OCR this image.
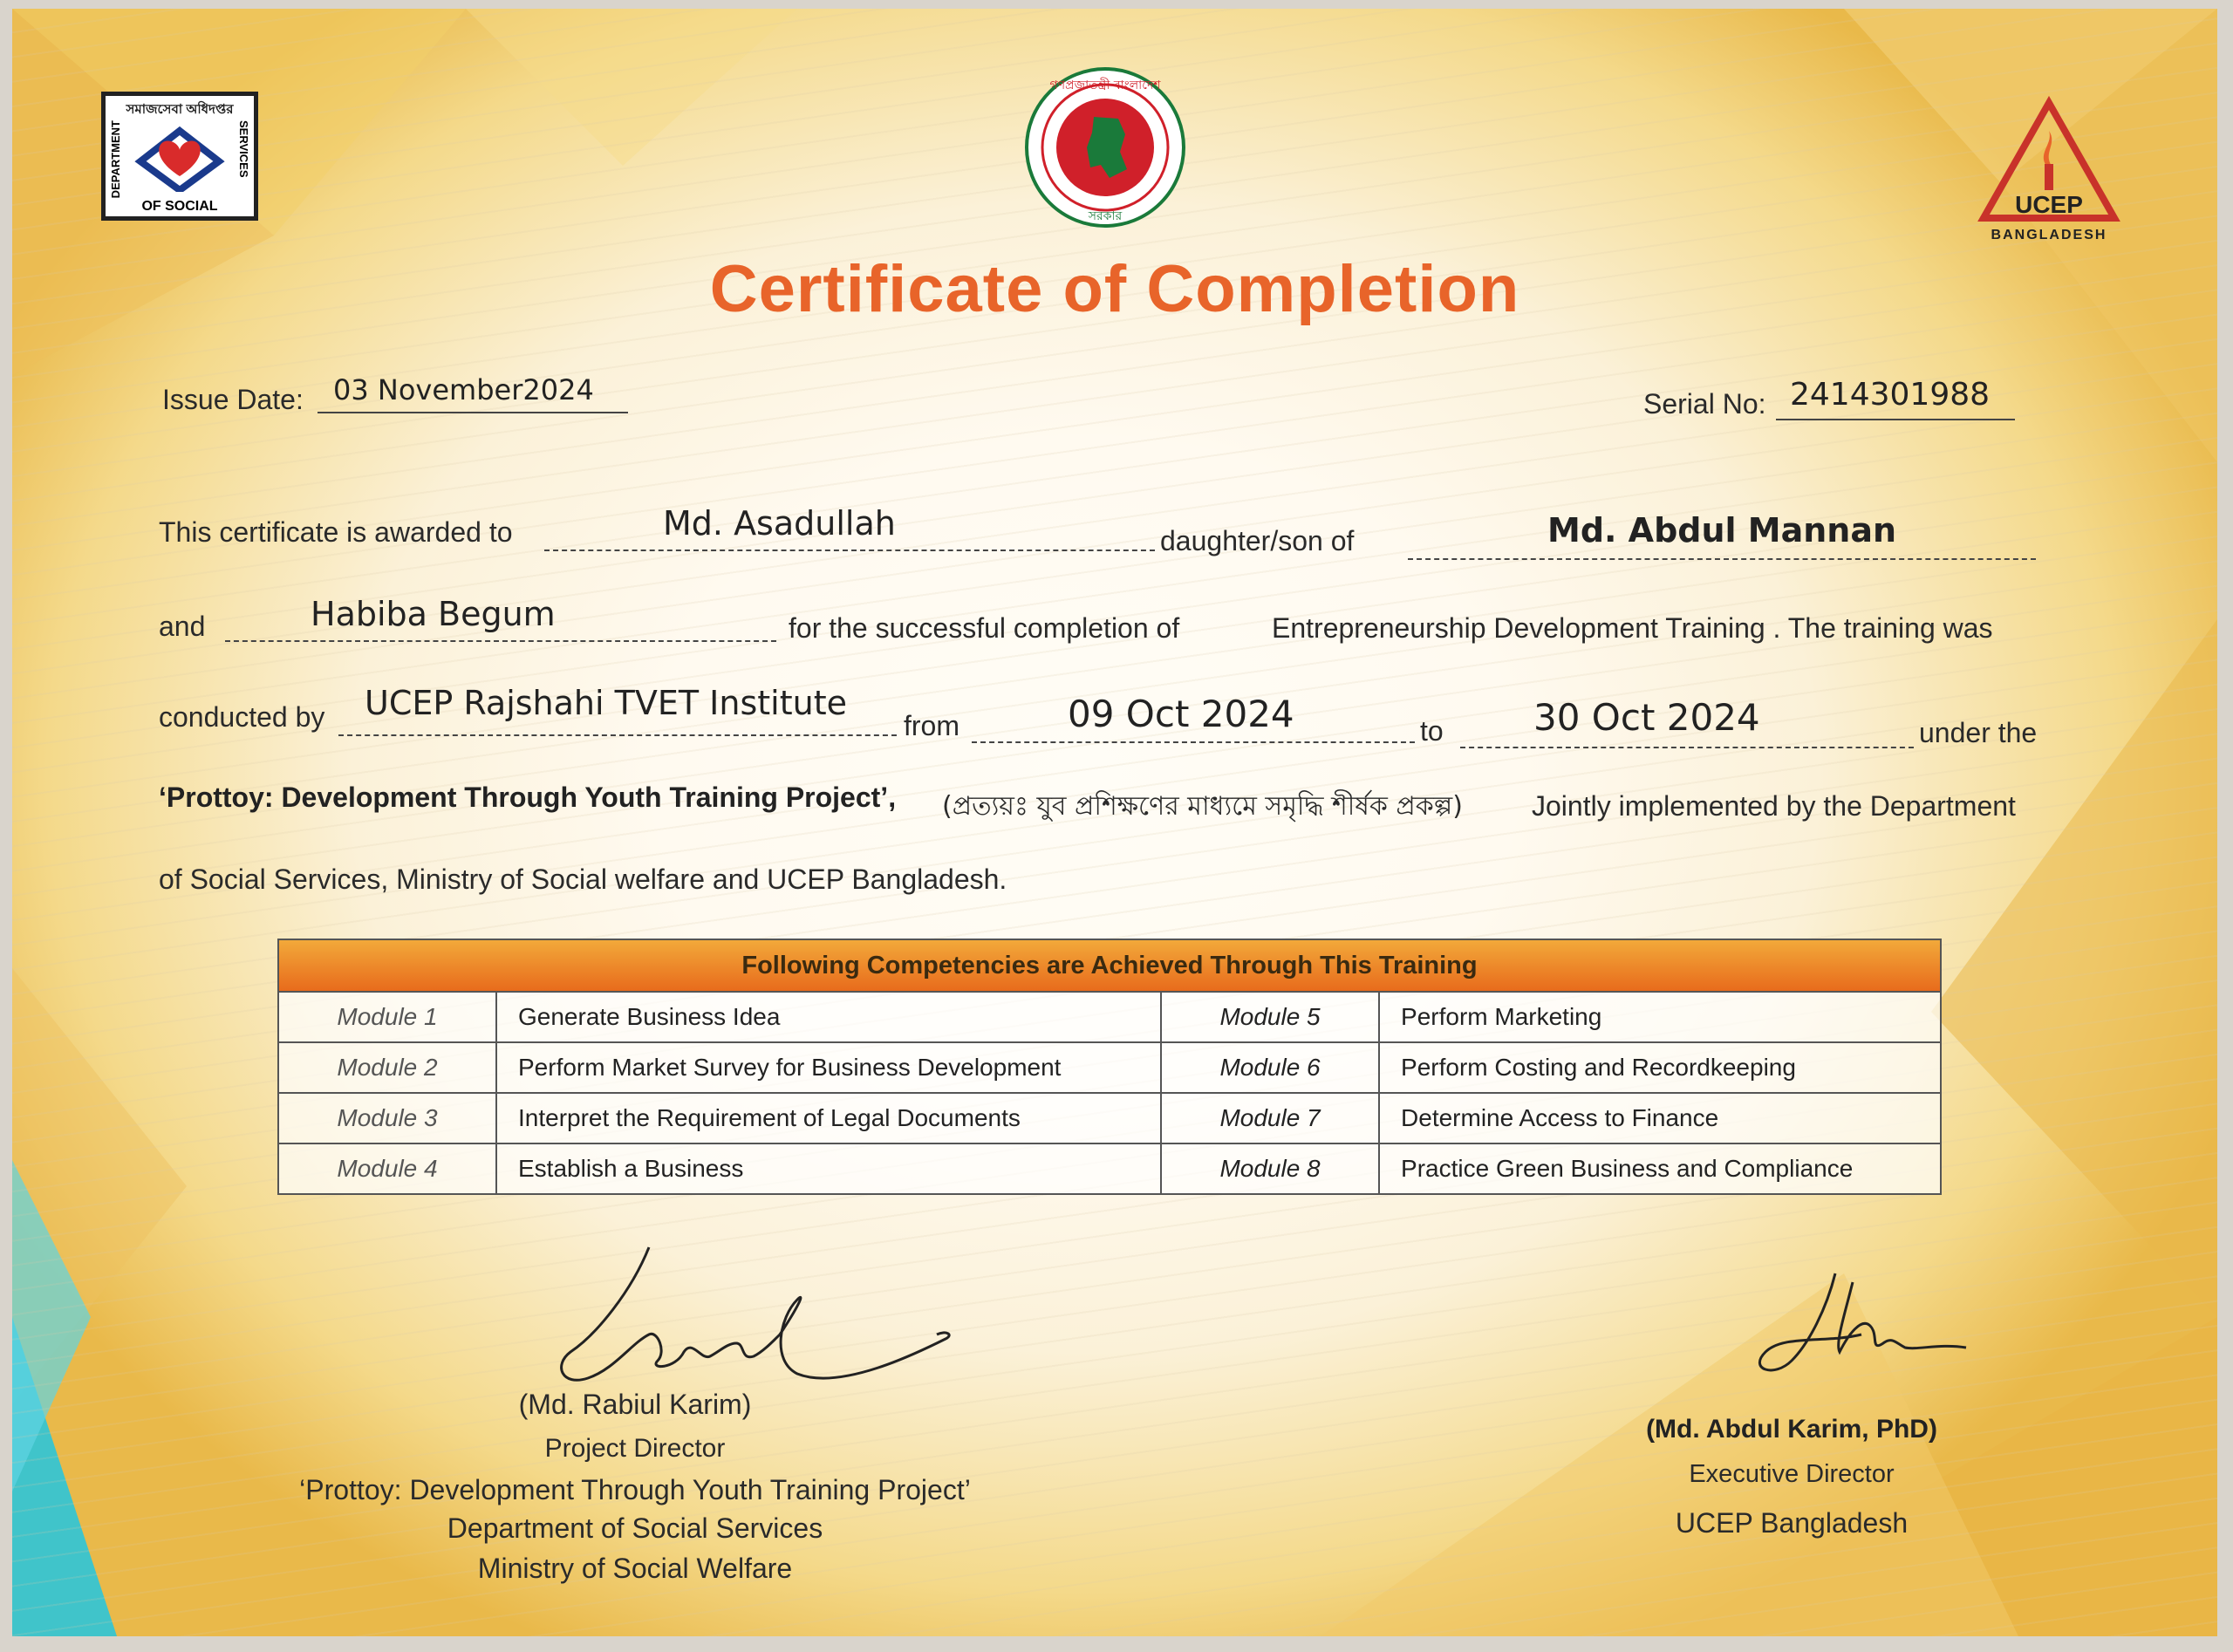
সমাজসেবা অধিদপ্তর
DEPARTMENT	SERVICES
OF SOCIAL
গণপ্রজাতন্ত্রী বাংলাদেশ
সরকার	UCEP
BANGLADESH
Certificate of Completion
Issue Date: 03 November2024	Serial No: 2414301988
This certificate is awarded to	Md. Asadullah	daughter/son of	Md. Abdul Mannan
and	Habiba Begum	for the successful completion of	Entrepreneurship Development Training . The training was
conducted by UCEP Rajshahi TVET Institute
from	09 Oct 2024	to 30 Oct 2024	under the
‘Prottoy: Development Through Youth Training Project’, (প্রত্যয়ঃ যুব প্রশিক্ষণের মাধ্যমে সমৃদ্ধি শীর্ষক প্রকল্প) Jointly implemented by the Department
of Social Services, Ministry of Social welfare and UCEP Bangladesh.
Following Competencies are Achieved Through This Training			
Module 1	Generate Business Idea	Module 5	Perform Marketing
Module 2	Perform Market Survey for Business Development	Module 6	Perform Costing and Recordkeeping
Module 3	Interpret the Requirement of Legal Documents	Module 7	Determine Access to Finance
Module 4	Establish a Business	Module 8	Practice Green Business and Compliance
(Md. Rabiul Karim)
Project Director
‘Prottoy: Development Through Youth Training Project’
Department of Social Services
Ministry of Social Welfare
(Md. Abdul Karim, PhD)
Executive Director
UCEP Bangladesh
